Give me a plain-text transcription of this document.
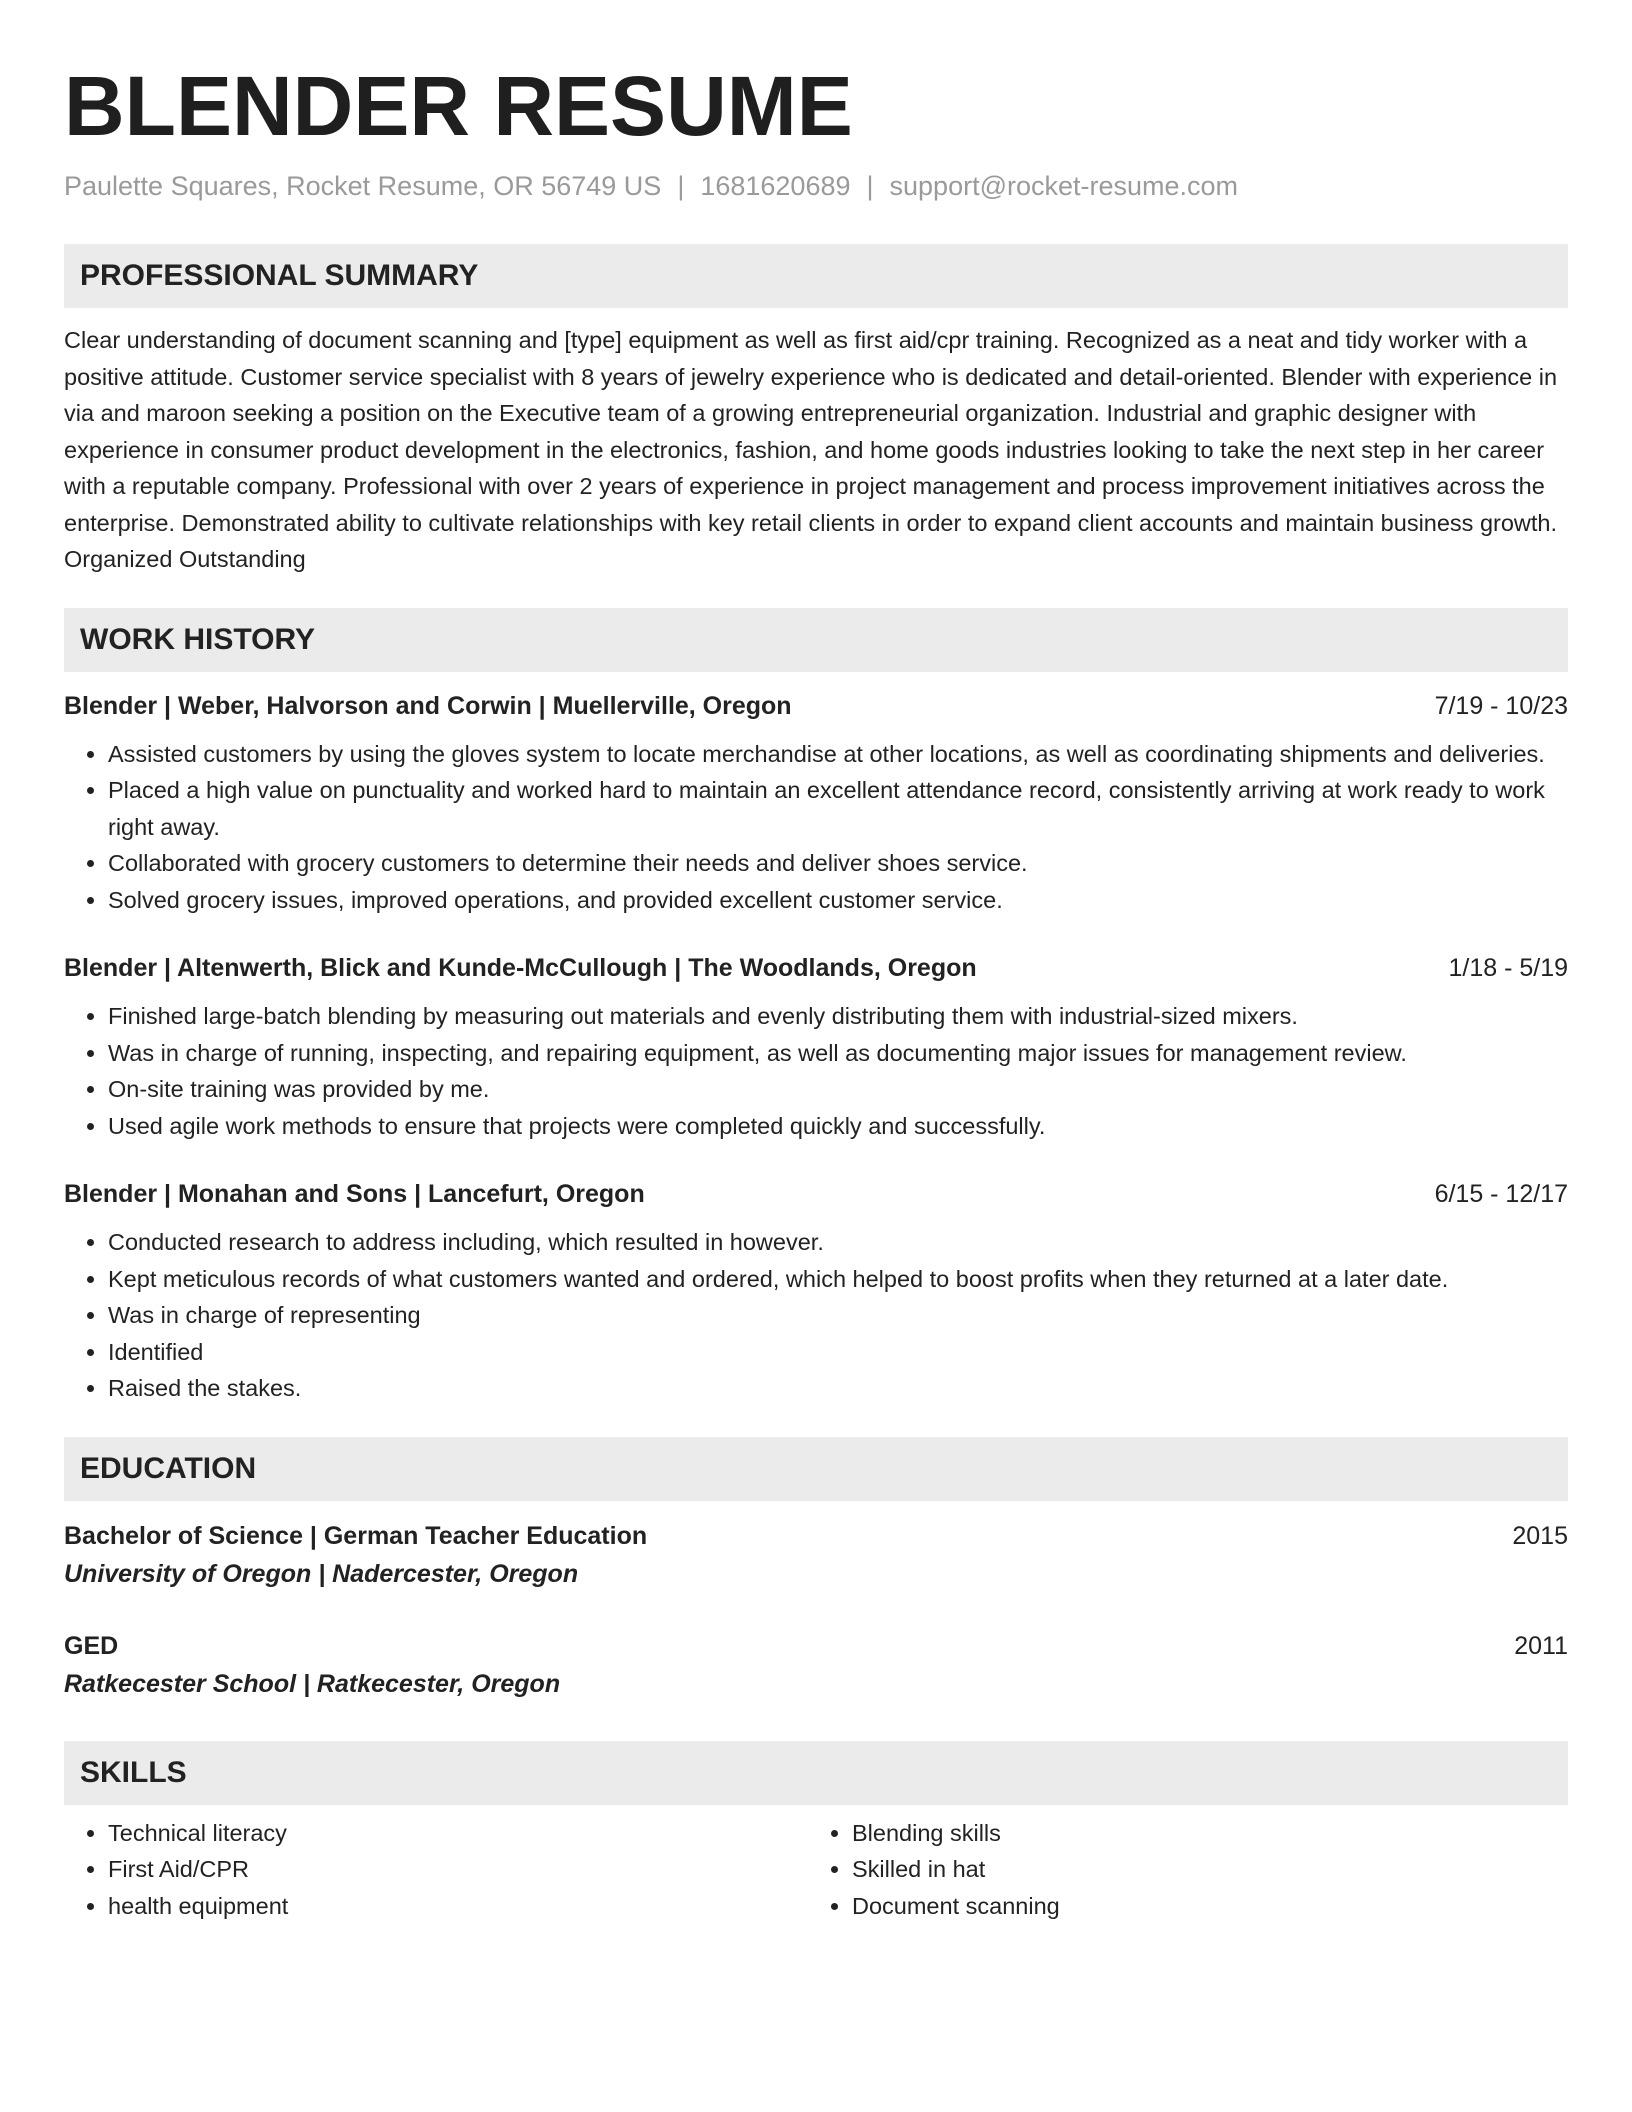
BLENDER RESUME
Paulette Squares, Rocket Resume, OR 56749 US | 1681620689 | support@rocket-resume.com
PROFESSIONAL SUMMARY
Clear understanding of document scanning and [type] equipment as well as first aid/cpr training. Recognized as a neat and tidy worker with a positive attitude. Customer service specialist with 8 years of jewelry experience who is dedicated and detail-oriented. Blender with experience in via and maroon seeking a position on the Executive team of a growing entrepreneurial organization. Industrial and graphic designer with experience in consumer product development in the electronics, fashion, and home goods industries looking to take the next step in her career with a reputable company. Professional with over 2 years of experience in project management and process improvement initiatives across the enterprise. Demonstrated ability to cultivate relationships with key retail clients in order to expand client accounts and maintain business growth. Organized Outstanding
WORK HISTORY
Blender | Weber, Halvorson and Corwin | Muellerville, Oregon	7/19 - 10/23
• Assisted customers by using the gloves system to locate merchandise at other locations, as well as coordinating shipments and deliveries.
• Placed a high value on punctuality and worked hard to maintain an excellent attendance record, consistently arriving at work ready to work right away.
• Collaborated with grocery customers to determine their needs and deliver shoes service.
• Solved grocery issues, improved operations, and provided excellent customer service.
Blender | Altenwerth, Blick and Kunde-McCullough | The Woodlands, Oregon	1/18 - 5/19
• Finished large-batch blending by measuring out materials and evenly distributing them with industrial-sized mixers.
• Was in charge of running, inspecting, and repairing equipment, as well as documenting major issues for management review.
• On-site training was provided by me.
• Used agile work methods to ensure that projects were completed quickly and successfully.
Blender | Monahan and Sons | Lancefurt, Oregon	6/15 - 12/17
• Conducted research to address including, which resulted in however.
• Kept meticulous records of what customers wanted and ordered, which helped to boost profits when they returned at a later date.
• Was in charge of representing
• Identified
• Raised the stakes.
EDUCATION
Bachelor of Science | German Teacher Education	2015
University of Oregon | Nadercester, Oregon
GED	2011
Ratkecester School | Ratkecester, Oregon
SKILLS
• Technical literacy
• First Aid/CPR
• health equipment
• Blending skills
• Skilled in hat
• Document scanning
